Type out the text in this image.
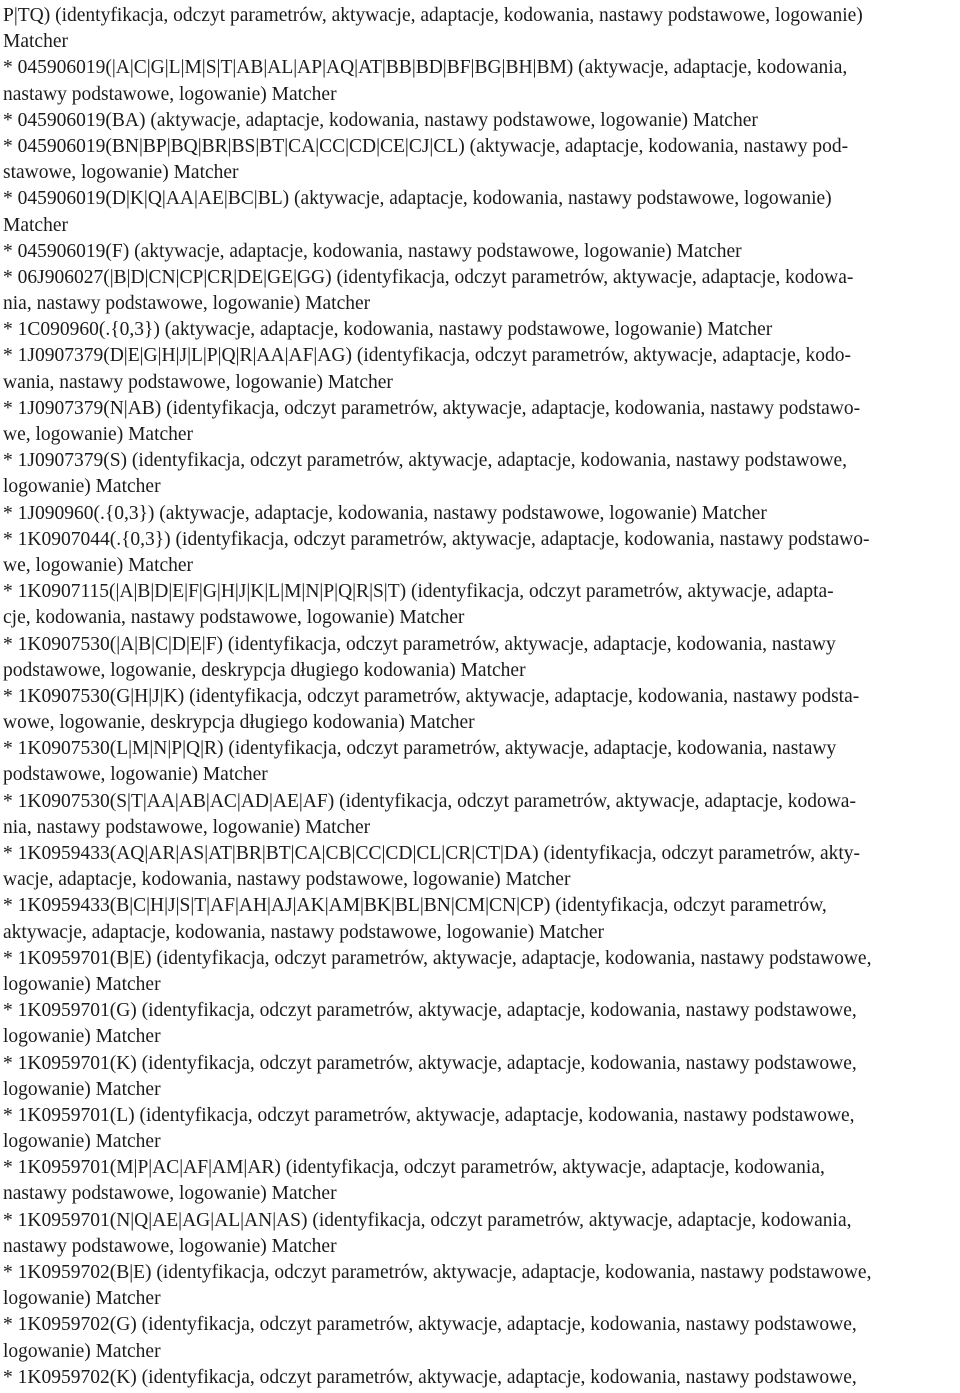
P|TQ) (identyfikacja, odczyt parametrów, aktywacje, adaptacje, kodowania, nastawy podstawowe, logowanie)
Matcher
* 045906019(|A|C|G|L|M|S|T|AB|AL|AP|AQ|AT|BB|BD|BF|BG|BH|BM) (aktywacje, adaptacje, kodowania,
nastawy podstawowe, logowanie) Matcher
* 045906019(BA) (aktywacje, adaptacje, kodowania, nastawy podstawowe, logowanie) Matcher
* 045906019(BN|BP|BQ|BR|BS|BT|CA|CC|CD|CE|CJ|CL) (aktywacje, adaptacje, kodowania, nastawy pod-
stawowe, logowanie) Matcher
* 045906019(D|K|Q|AA|AE|BC|BL) (aktywacje, adaptacje, kodowania, nastawy podstawowe, logowanie)
Matcher
* 045906019(F) (aktywacje, adaptacje, kodowania, nastawy podstawowe, logowanie) Matcher
* 06J906027(|B|D|CN|CP|CR|DE|GE|GG) (identyfikacja, odczyt parametrów, aktywacje, adaptacje, kodowa-
nia, nastawy podstawowe, logowanie) Matcher
* 1C090960(.{0,3}) (aktywacje, adaptacje, kodowania, nastawy podstawowe, logowanie) Matcher
* 1J0907379(D|E|G|H|J|L|P|Q|R|AA|AF|AG) (identyfikacja, odczyt parametrów, aktywacje, adaptacje, kodo-
wania, nastawy podstawowe, logowanie) Matcher
* 1J0907379(N|AB) (identyfikacja, odczyt parametrów, aktywacje, adaptacje, kodowania, nastawy podstawo-
we, logowanie) Matcher
* 1J0907379(S) (identyfikacja, odczyt parametrów, aktywacje, adaptacje, kodowania, nastawy podstawowe,
logowanie) Matcher
* 1J090960(.{0,3}) (aktywacje, adaptacje, kodowania, nastawy podstawowe, logowanie) Matcher
* 1K0907044(.{0,3}) (identyfikacja, odczyt parametrów, aktywacje, adaptacje, kodowania, nastawy podstawo-
we, logowanie) Matcher
* 1K0907115(|A|B|D|E|F|G|H|J|K|L|M|N|P|Q|R|S|T) (identyfikacja, odczyt parametrów, aktywacje, adapta-
cje, kodowania, nastawy podstawowe, logowanie) Matcher
* 1K0907530(|A|B|C|D|E|F) (identyfikacja, odczyt parametrów, aktywacje, adaptacje, kodowania, nastawy
podstawowe, logowanie, deskrypcja długiego kodowania) Matcher
* 1K0907530(G|H|J|K) (identyfikacja, odczyt parametrów, aktywacje, adaptacje, kodowania, nastawy podsta-
wowe, logowanie, deskrypcja długiego kodowania) Matcher
* 1K0907530(L|M|N|P|Q|R) (identyfikacja, odczyt parametrów, aktywacje, adaptacje, kodowania, nastawy
podstawowe, logowanie) Matcher
* 1K0907530(S|T|AA|AB|AC|AD|AE|AF) (identyfikacja, odczyt parametrów, aktywacje, adaptacje, kodowa-
nia, nastawy podstawowe, logowanie) Matcher
* 1K0959433(AQ|AR|AS|AT|BR|BT|CA|CB|CC|CD|CL|CR|CT|DA) (identyfikacja, odczyt parametrów, akty-
wacje, adaptacje, kodowania, nastawy podstawowe, logowanie) Matcher
* 1K0959433(B|C|H|J|S|T|AF|AH|AJ|AK|AM|BK|BL|BN|CM|CN|CP) (identyfikacja, odczyt parametrów,
aktywacje, adaptacje, kodowania, nastawy podstawowe, logowanie) Matcher
* 1K0959701(B|E) (identyfikacja, odczyt parametrów, aktywacje, adaptacje, kodowania, nastawy podstawowe,
logowanie) Matcher
* 1K0959701(G) (identyfikacja, odczyt parametrów, aktywacje, adaptacje, kodowania, nastawy podstawowe,
logowanie) Matcher
* 1K0959701(K) (identyfikacja, odczyt parametrów, aktywacje, adaptacje, kodowania, nastawy podstawowe,
logowanie) Matcher
* 1K0959701(L) (identyfikacja, odczyt parametrów, aktywacje, adaptacje, kodowania, nastawy podstawowe,
logowanie) Matcher
* 1K0959701(M|P|AC|AF|AM|AR) (identyfikacja, odczyt parametrów, aktywacje, adaptacje, kodowania,
nastawy podstawowe, logowanie) Matcher
* 1K0959701(N|Q|AE|AG|AL|AN|AS) (identyfikacja, odczyt parametrów, aktywacje, adaptacje, kodowania,
nastawy podstawowe, logowanie) Matcher
* 1K0959702(B|E) (identyfikacja, odczyt parametrów, aktywacje, adaptacje, kodowania, nastawy podstawowe,
logowanie) Matcher
* 1K0959702(G) (identyfikacja, odczyt parametrów, aktywacje, adaptacje, kodowania, nastawy podstawowe,
logowanie) Matcher
* 1K0959702(K) (identyfikacja, odczyt parametrów, aktywacje, adaptacje, kodowania, nastawy podstawowe,
